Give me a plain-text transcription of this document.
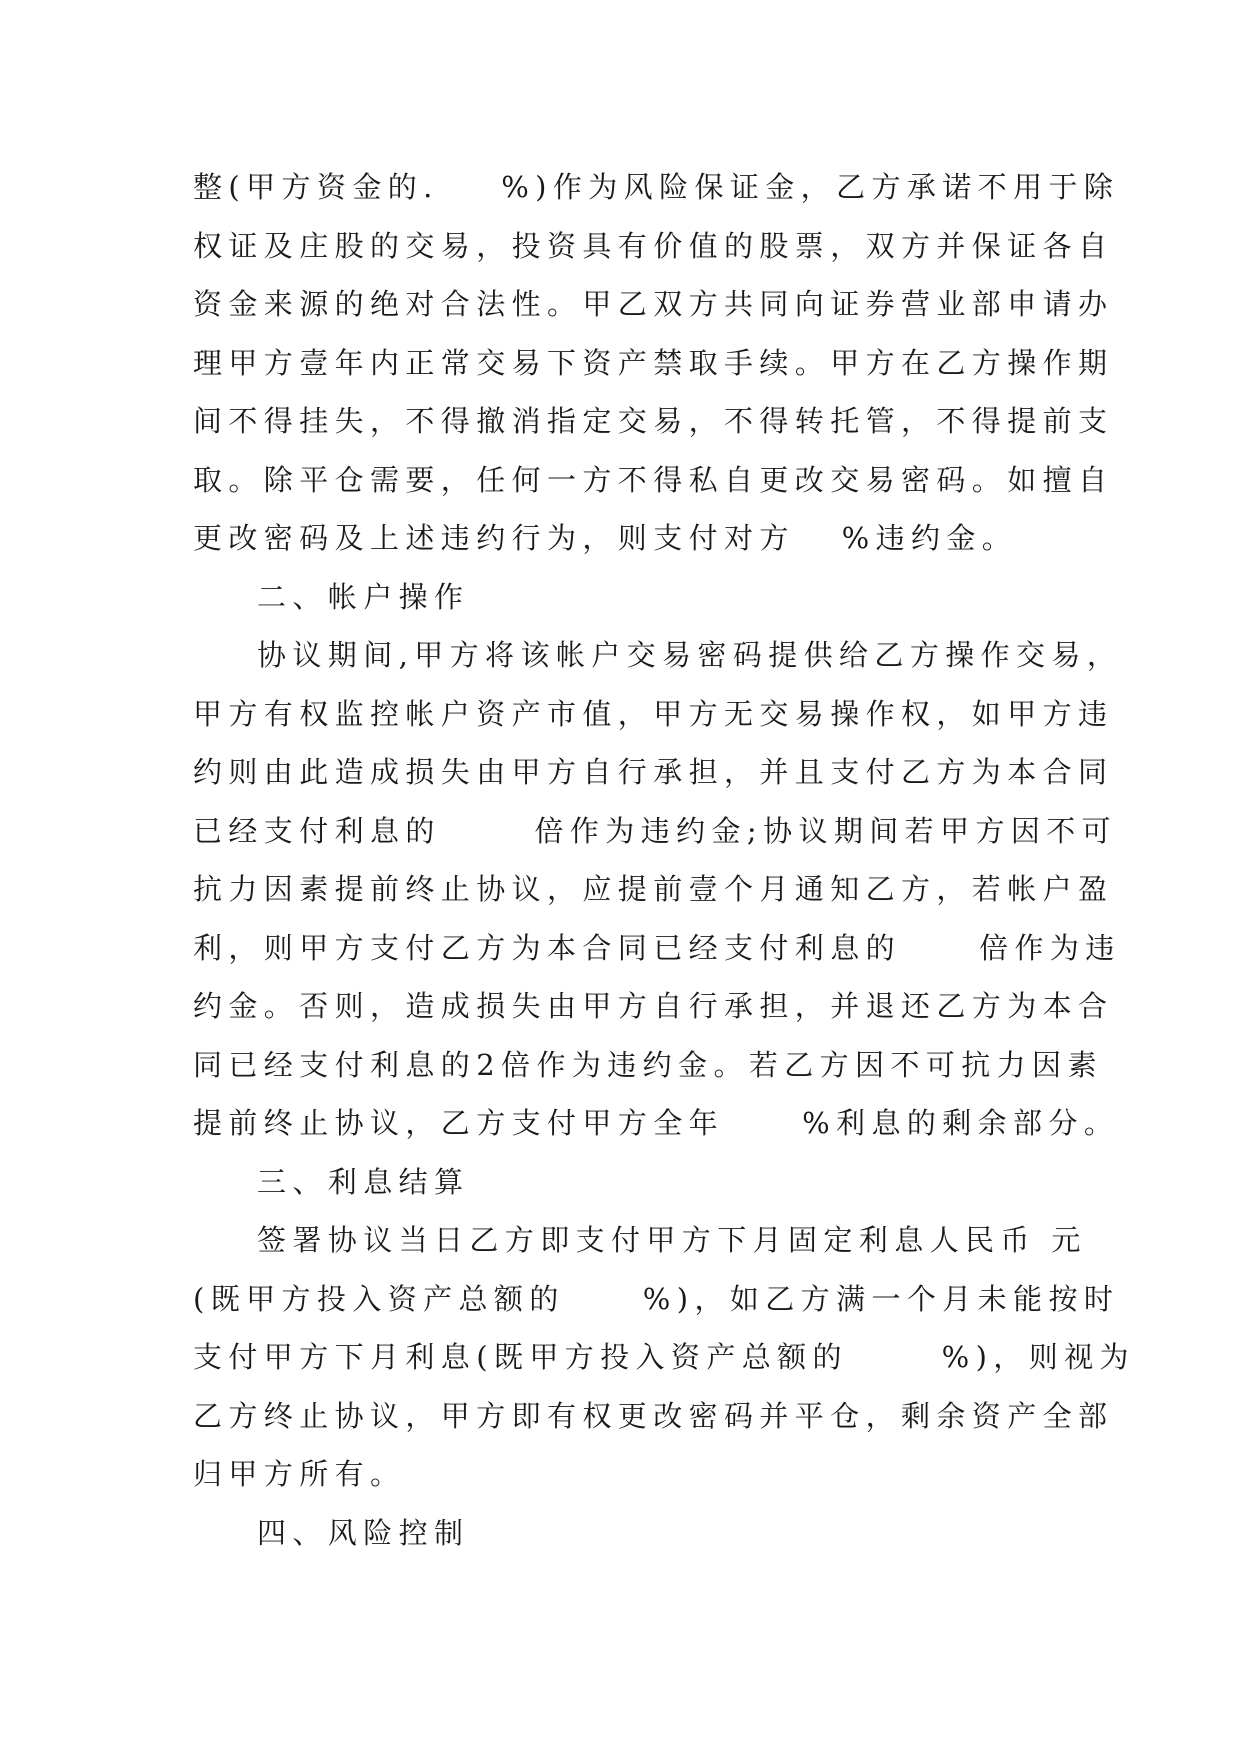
整(甲方资金的.    %)作为风险保证金，乙方承诺不用于除
权证及庄股的交易，投资具有价值的股票，双方并保证各自
资金来源的绝对合法性。甲乙双方共同向证券营业部申请办
理甲方壹年内正常交易下资产禁取手续。甲方在乙方操作期
间不得挂失，不得撤消指定交易，不得转托管，不得提前支
取。除平仓需要，任何一方不得私自更改交易密码。如擅自
更改密码及上述违约行为，则支付对方   %违约金。
二、帐户操作
协议期间,甲方将该帐户交易密码提供给乙方操作交易，
甲方有权监控帐户资产市值，甲方无交易操作权，如甲方违
约则由此造成损失由甲方自行承担，并且支付乙方为本合同
已经支付利息的      倍作为违约金;协议期间若甲方因不可
抗力因素提前终止协议，应提前壹个月通知乙方，若帐户盈
利，则甲方支付乙方为本合同已经支付利息的     倍作为违
约金。否则，造成损失由甲方自行承担，并退还乙方为本合
同已经支付利息的2倍作为违约金。若乙方因不可抗力因素
提前终止协议，乙方支付甲方全年     %利息的剩余部分。
三、利息结算
签署协议当日乙方即支付甲方下月固定利息人民币 元
(既甲方投入资产总额的     %)，如乙方满一个月未能按时
支付甲方下月利息(既甲方投入资产总额的      %)，则视为
乙方终止协议，甲方即有权更改密码并平仓，剩余资产全部
归甲方所有。
四、风险控制
